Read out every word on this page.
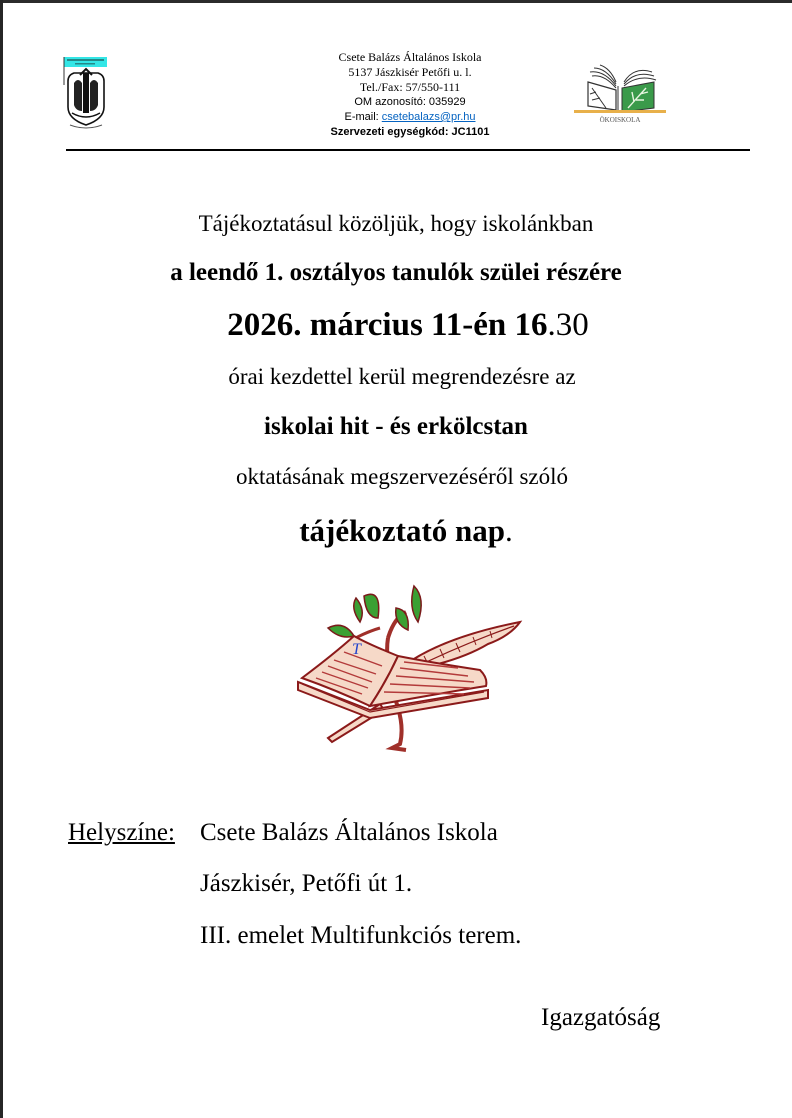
Csete Balázs Általános Iskola
5137 Jászkisér Petőfi u. l.
Tel./Fax: 57/550-111
OM azonosító: 035929
E-mail: csetebalazs@pr.hu
Szervezeti egységkód: JC1101
ÖKOISKOLA
Tájékoztatásul közöljük, hogy iskolánkban
a leendő 1. osztályos tanulók szülei részére
2026. március 11-én 16.30
órai kezdettel kerül megrendezésre az
iskolai hit - és erkölcstan
oktatásának megszervezéséről szóló
tájékoztató nap.
T
Helyszíne: Csete Balázs Általános Iskola
Jászkisér, Petőfi út 1.
III. emelet Multifunkciós terem.
Igazgatóság
